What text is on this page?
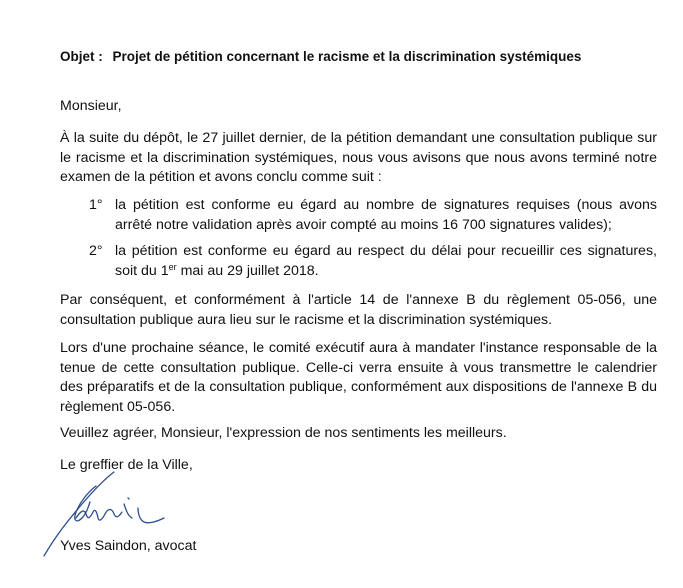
Objet : Projet de pétition concernant le racisme et la discrimination systémiques
Monsieur,
À la suite du dépôt, le 27 juillet dernier, de la pétition demandant une consultation publique sur le racisme et la discrimination systémiques, nous vous avisons que nous avons terminé notre examen de la pétition et avons conclu comme suit :
1° la pétition est conforme eu égard au nombre de signatures requises (nous avons arrêté notre validation après avoir compté au moins 16 700 signatures valides);
2° la pétition est conforme eu égard au respect du délai pour recueillir ces signatures, soit du 1er mai au 29 juillet 2018.
Par conséquent, et conformément à l'article 14 de l'annexe B du règlement 05-056, une consultation publique aura lieu sur le racisme et la discrimination systémiques.
Lors d'une prochaine séance, le comité exécutif aura à mandater l'instance responsable de la tenue de cette consultation publique. Celle-ci verra ensuite à vous transmettre le calendrier des préparatifs et de la consultation publique, conformément aux dispositions de l'annexe B du règlement 05-056.
Veuillez agréer, Monsieur, l'expression de nos sentiments les meilleurs.
Le greffier de la Ville,
Yves Saindon, avocat
